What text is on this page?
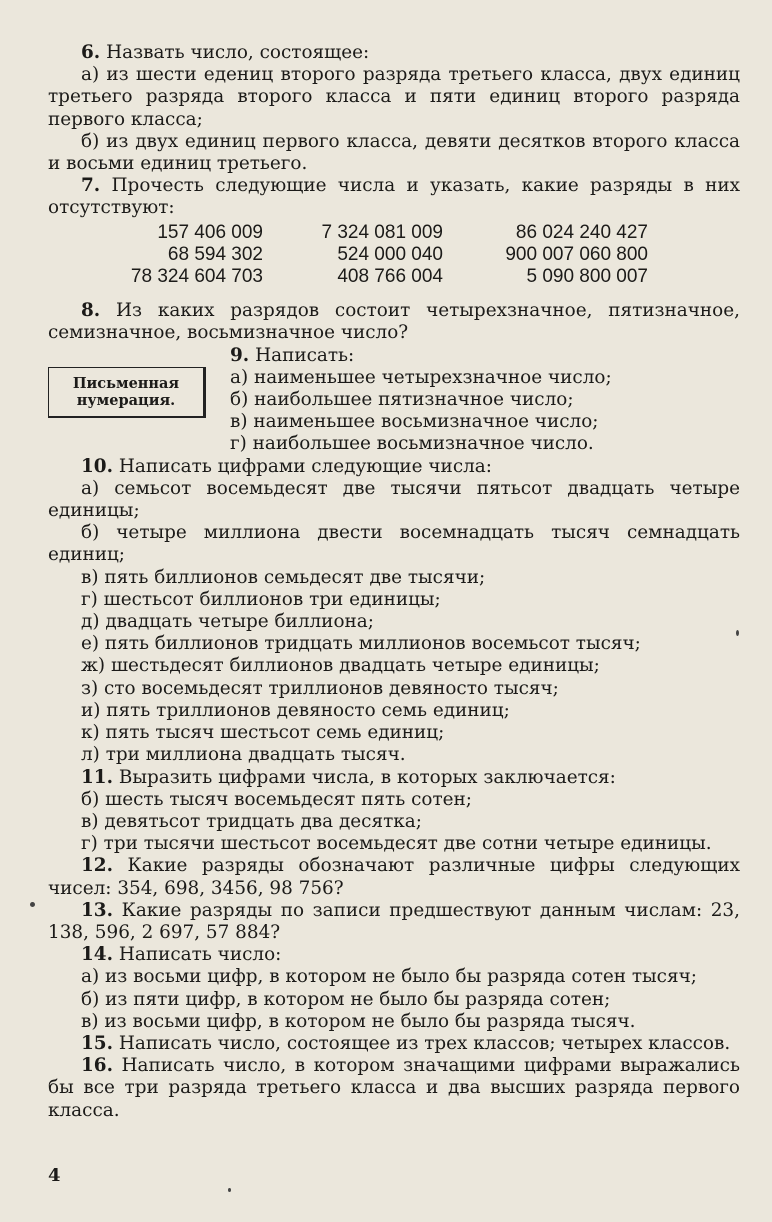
6. Назвать число, состоящее:

а) из шести едениц второго разряда третьего класса, двух единиц третьего разряда второго класса и пяти единиц второго разряда первого класса;

б) из двух единиц первого класса, девяти десятков второго класса и восьми единиц третьего.

7. Прочесть следующие числа и указать, какие разряды в них отсутствуют:

157 406 009	7 324 081 009	86 024 240 427
68 594 302	524 000 040	900 007 060 800
78 324 604 703	408 766 004	5 090 800 007

8. Из каких разрядов состоит четырехзначное, пятизначное, семизначное, восьмизначное число?

Письменная нумерация.

9. Написать:

а) наименьшее четырехзначное число;

б) наибольшее пятизначное число;

в) наименьшее восьмизначное число;

г) наибольшее восьмизначное число.

10. Написать цифрами следующие числа:

а) семьсот восемьдесят две тысячи пятьсот двадцать четыре единицы;

б) четыре миллиона двести восемнадцать тысяч семнадцать единиц;

в) пять биллионов семьдесят две тысячи;

г) шестьсот биллионов три единицы;

д) двадцать четыре биллиона;

е) пять биллионов тридцать миллионов восемьсот тысяч;

ж) шестьдесят биллионов двадцать четыре единицы;

з) сто восемьдесят триллионов девяносто тысяч;

и) пять триллионов девяносто семь единиц;

к) пять тысяч шестьсот семь единиц;

л) три миллиона двадцать тысяч.

11. Выразить цифрами числа, в которых заключается:

б) шесть тысяч восемьдесят пять сотен;

в) девятьсот тридцать два десятка;

г) три тысячи шестьсот восемьдесят две сотни четыре единицы.

12. Какие разряды обозначают различные цифры следующих чисел: 354, 698, 3456, 98 756?

13. Какие разряды по записи предшествуют данным числам: 23, 138, 596, 2 697, 57 884?

14. Написать число:

а) из восьми цифр, в котором не было бы разряда сотен тысяч;

б) из пяти цифр, в котором не было бы разряда сотен;

в) из восьми цифр, в котором не было бы разряда тысяч.

15. Написать число, состоящее из трех классов; четырех классов.

16. Написать число, в котором значащими цифрами выражались бы все три разряда третьего класса и два высших разряда первого класса.

4
